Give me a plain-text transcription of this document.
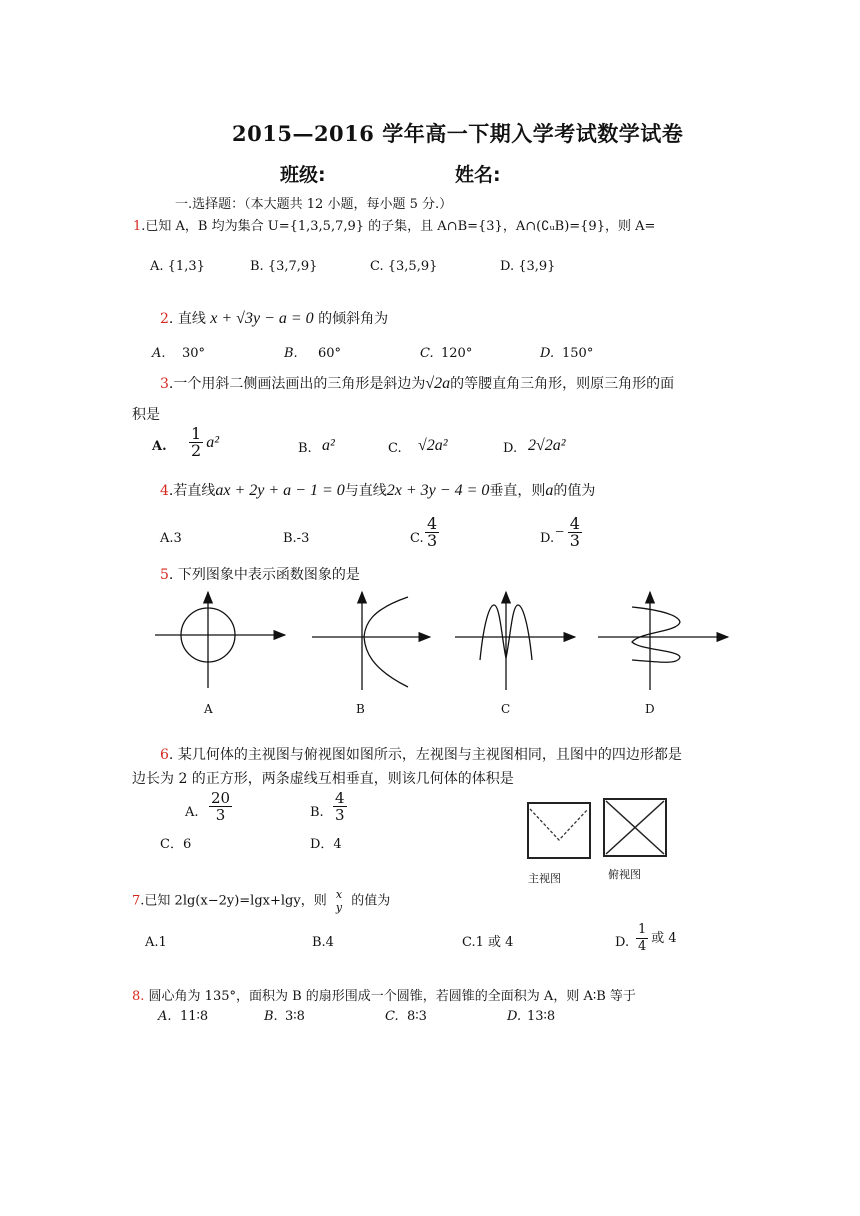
2015—2016 学年高一下期入学考试数学试卷
班级:	姓名:
一.选择题：（本大题共 12 小题，每小题 5 分.）
1.已知 A，B 均为集合 U={1,3,5,7,9} 的子集，且 A∩B={3}，A∩(∁ᵤB)={9}，则 A=
A. {1,3}	B. {3,7,9}	C. {3,5,9}	D. {3,9}
2. 直线 x + √3y − a = 0 的倾斜角为
A. 30°	B. 60°	C. 120°	D. 150°
3.一个用斜二侧画法画出的三角形是斜边为√2a的等腰直角三角形，则原三角形的面
积是
A. $\frac{1}{2} a^2$	B. a²	C. √2a²	D. 2√2a²
4.若直线ax + 2y + a − 1 = 0与直线2x + 3y − 4 = 0垂直，则a的值为
A.3	B.-3	C. $\frac{4}{3}$	D. − $\frac{4}{3}$
5. 下列图象中表示函数图象的是
A	B	C	D
6. 某几何体的主视图与俯视图如图所示，左视图与主视图相同，且图中的四边形都是
边长为 2 的正方形，两条虚线互相垂直，则该几何体的体积是
A. $\frac{20}{3}$	B. $\frac{4}{3}$
C．6	D．4
主视图	俯视图
7.已知 2lg(x−2y)=lgx+lgy，则 x
y 的值为
A.1	B.4	C.1 或 4	D. $\frac{1}{4}$ 或 4
8. 圆心角为 135°，面积为 B 的扇形围成一个圆锥，若圆锥的全面积为 A，则 A∶B 等于
A. 11∶8	B. 3∶8	C. 8∶3	D. 13∶8
